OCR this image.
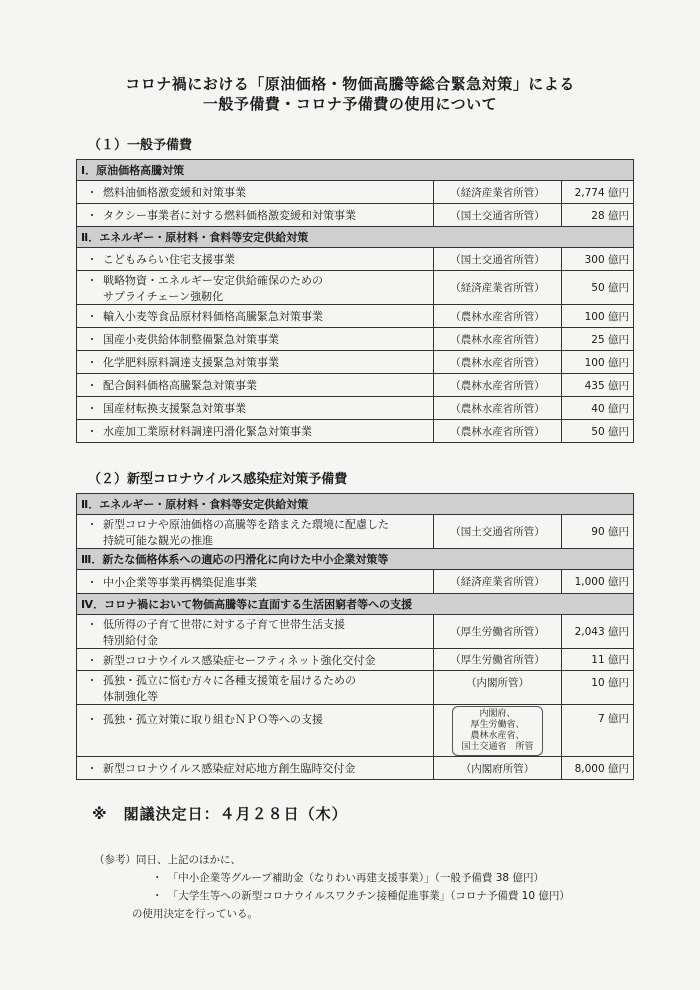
コロナ禍における「原油価格・物価高騰等総合緊急対策」による
一般予備費・コロナ予備費の使用について
（１）一般予備費
Ⅰ．原油価格高騰対策		
・ 燃料油価格激変緩和対策事業	（経済産業省所管）	2,774 億円
・ タクシー事業者に対する燃料価格激変緩和対策事業	（国土交通省所管）	28 億円
Ⅱ．エネルギー・原材料・食料等安定供給対策		
・ こどもみらい住宅支援事業	（国土交通省所管）	300 億円

・ 戦略物資・エネルギー安定供給確保のための
サプライチェーン強靭化	（経済産業省所管）	50 億円
・ 輸入小麦等食品原材料価格高騰緊急対策事業	（農林水産省所管）	100 億円
・ 国産小麦供給体制整備緊急対策事業	（農林水産省所管）	25 億円
・ 化学肥料原料調達支援緊急対策事業	（農林水産省所管）	100 億円
・ 配合飼料価格高騰緊急対策事業	（農林水産省所管）	435 億円
・ 国産材転換支援緊急対策事業	（農林水産省所管）	40 億円
・ 水産加工業原材料調達円滑化緊急対策事業	（農林水産省所管）	50 億円
（２）新型コロナウイルス感染症対策予備費
Ⅱ．エネルギー・原材料・食料等安定供給対策		

・ 新型コロナや原油価格の高騰等を踏まえた環境に配慮した
持続可能な観光の推進	（国土交通省所管）	90 億円
Ⅲ．新たな価格体系への適応の円滑化に向けた中小企業対策等		
・ 中小企業等事業再構築促進事業	（経済産業省所管）	1,000 億円
Ⅳ．コロナ禍において物価高騰等に直面する生活困窮者等への支援		

・ 低所得の子育て世帯に対する子育て世帯生活支援
特別給付金	（厚生労働省所管）	2,043 億円
・ 新型コロナウイルス感染症セーフティネット強化交付金	（厚生労働省所管）	11 億円

・ 孤独・孤立に悩む方々に各種支援策を届けるための
体制強化等	（内閣所管）	10 億円
・ 孤独・孤立対策に取り組むＮＰＯ等への支援	内閣府、
厚生労働省、
農林水産省、
国土交通省　所管	7 億円
・ 新型コロナウイルス感染症対応地方創生臨時交付金	（内閣府所管）	8,000 億円
※　閣議決定日：４月２８日（木）
（参考）同日、上記のほかに、
・　「中小企業等グループ補助金（なりわい再建支援事業）」（一般予備費 38 億円）
・　「大学生等への新型コロナウイルスワクチン接種促進事業」（コロナ予備費 10 億円）
の使用決定を行っている。
